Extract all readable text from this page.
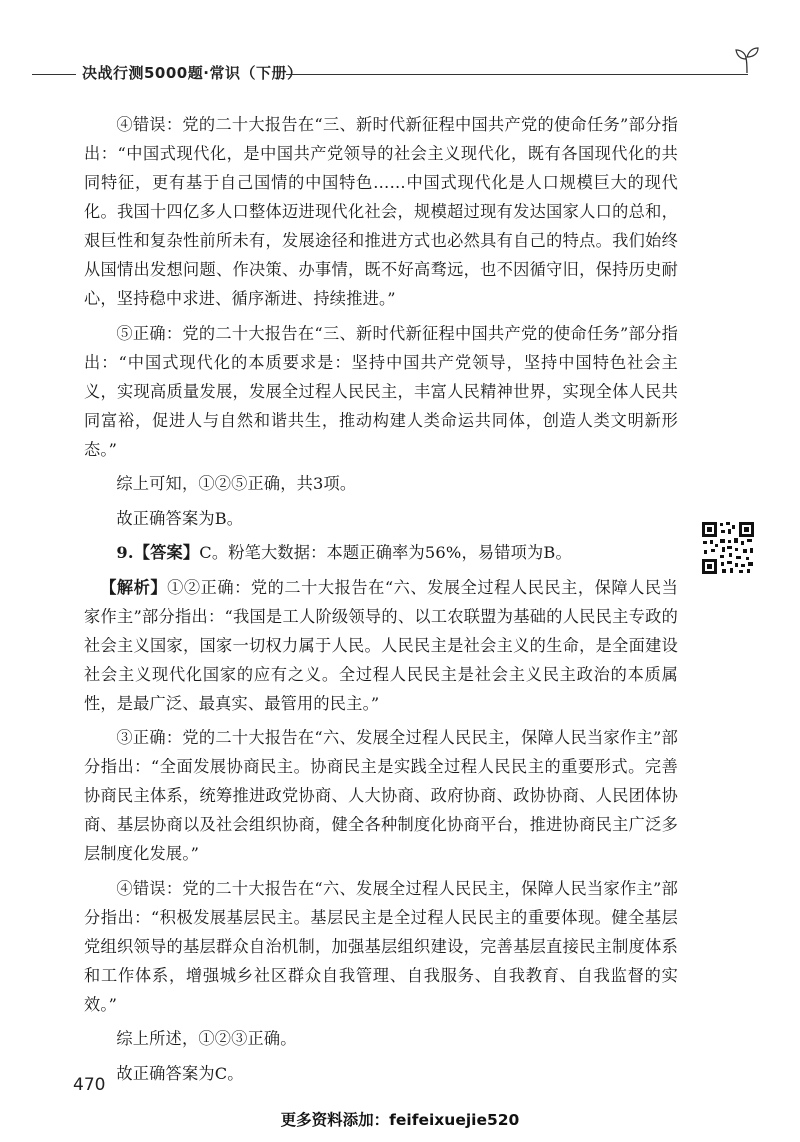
决战行测5000题·常识（下册）

④错误：党的二十大报告在“三、新时代新征程中国共产党的使命任务”部分指出：“中国式现代化，是中国共产党领导的社会主义现代化，既有各国现代化的共同特征，更有基于自己国情的中国特色……中国式现代化是人口规模巨大的现代化。我国十四亿多人口整体迈进现代化社会，规模超过现有发达国家人口的总和，艰巨性和复杂性前所未有，发展途径和推进方式也必然具有自己的特点。我们始终从国情出发想问题、作决策、办事情，既不好高骛远，也不因循守旧，保持历史耐心，坚持稳中求进、循序渐进、持续推进。”

⑤正确：党的二十大报告在“三、新时代新征程中国共产党的使命任务”部分指出：“中国式现代化的本质要求是：坚持中国共产党领导，坚持中国特色社会主义，实现高质量发展，发展全过程人民民主，丰富人民精神世界，实现全体人民共同富裕，促进人与自然和谐共生，推动构建人类命运共同体，创造人类文明新形态。”

综上可知，①②⑤正确，共3项。

故正确答案为B。

9.【答案】C。粉笔大数据：本题正确率为56%，易错项为B。

【解析】①②正确：党的二十大报告在“六、发展全过程人民民主，保障人民当家作主”部分指出：“我国是工人阶级领导的、以工农联盟为基础的人民民主专政的社会主义国家，国家一切权力属于人民。人民民主是社会主义的生命，是全面建设社会主义现代化国家的应有之义。全过程人民民主是社会主义民主政治的本质属性，是最广泛、最真实、最管用的民主。”

③正确：党的二十大报告在“六、发展全过程人民民主，保障人民当家作主”部分指出：“全面发展协商民主。协商民主是实践全过程人民民主的重要形式。完善协商民主体系，统筹推进政党协商、人大协商、政府协商、政协协商、人民团体协商、基层协商以及社会组织协商，健全各种制度化协商平台，推进协商民主广泛多层制度化发展。”

④错误：党的二十大报告在“六、发展全过程人民民主，保障人民当家作主”部分指出：“积极发展基层民主。基层民主是全过程人民民主的重要体现。健全基层党组织领导的基层群众自治机制，加强基层组织建设，完善基层直接民主制度体系和工作体系，增强城乡社区群众自我管理、自我服务、自我教育、自我监督的实效。”

综上所述，①②③正确。

故正确答案为C。

470
更多资料添加：feifeixuejie520
